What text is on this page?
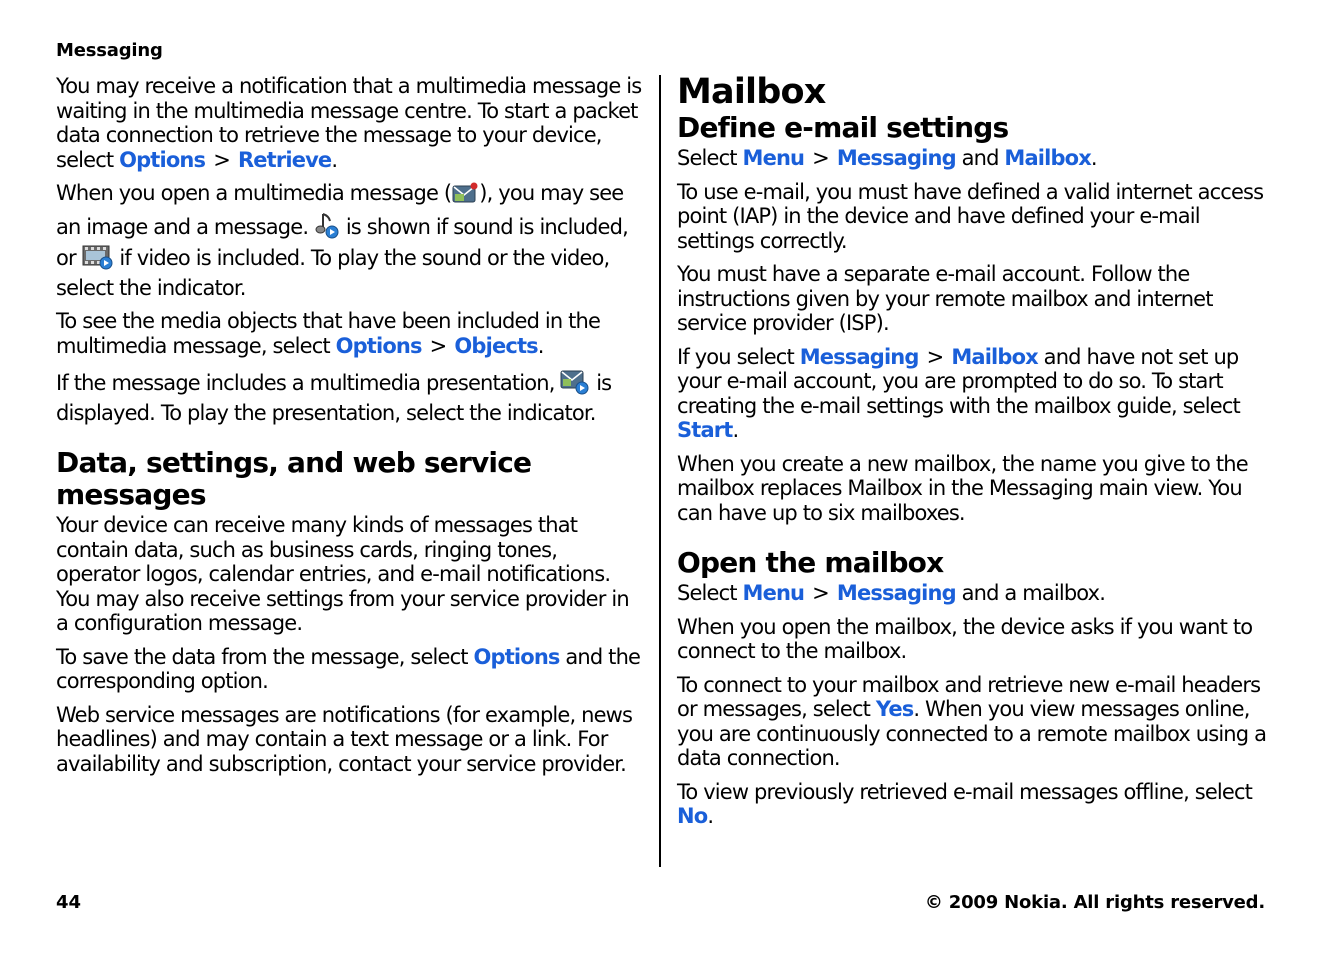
Messaging

You may receive a notification that a multimedia message is waiting in the multimedia message centre. To start a packet data connection to retrieve the message to your device, select Options > Retrieve.

When you open a multimedia message ( ), you may see an image and a message.  is shown if sound is included, or  if video is included. To play the sound or the video, select the indicator.

To see the media objects that have been included in the multimedia message, select Options > Objects.

If the message includes a multimedia presentation,  is displayed. To play the presentation, select the indicator.

Data, settings, and web service messages

Your device can receive many kinds of messages that contain data, such as business cards, ringing tones, operator logos, calendar entries, and e-mail notifications. You may also receive settings from your service provider in a configuration message.

To save the data from the message, select Options and the corresponding option.

Web service messages are notifications (for example, news headlines) and may contain a text message or a link. For availability and subscription, contact your service provider.

Mailbox
Define e-mail settings

Select Menu > Messaging and Mailbox.

To use e-mail, you must have defined a valid internet access point (IAP) in the device and have defined your e-mail settings correctly.

You must have a separate e-mail account. Follow the instructions given by your remote mailbox and internet service provider (ISP).

If you select Messaging > Mailbox and have not set up your e-mail account, you are prompted to do so. To start creating the e-mail settings with the mailbox guide, select Start.

When you create a new mailbox, the name you give to the mailbox replaces Mailbox in the Messaging main view. You can have up to six mailboxes.

Open the mailbox

Select Menu > Messaging and a mailbox.

When you open the mailbox, the device asks if you want to connect to the mailbox.

To connect to your mailbox and retrieve new e-mail headers or messages, select Yes. When you view messages online, you are continuously connected to a remote mailbox using a data connection.

To view previously retrieved e-mail messages offline, select No.

44	© 2009 Nokia. All rights reserved.
